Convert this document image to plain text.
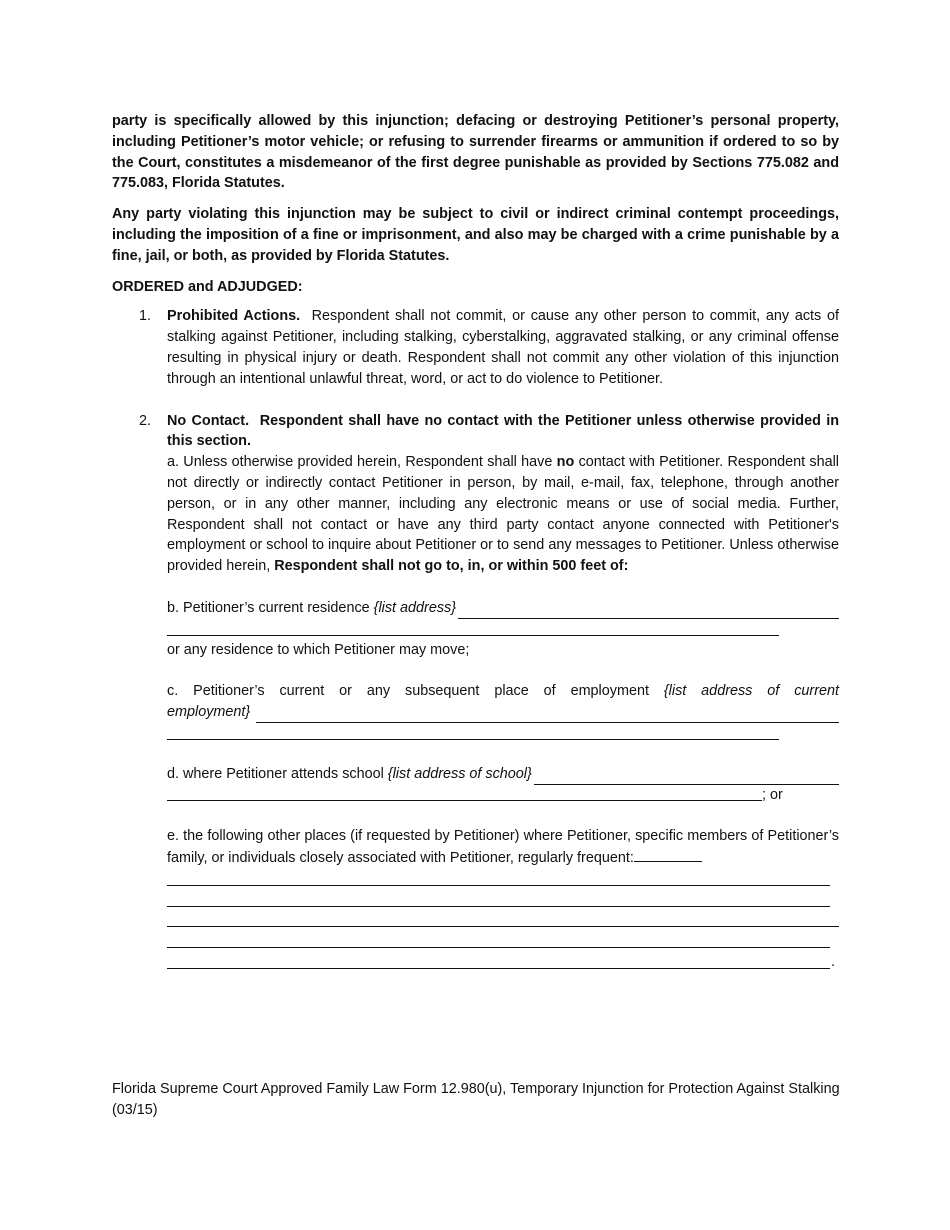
party is specifically allowed by this injunction; defacing or destroying Petitioner’s personal property, including Petitioner’s motor vehicle; or refusing to surrender firearms or ammunition if ordered to so by the Court, constitutes a misdemeanor of the first degree punishable as provided by Sections 775.082 and 775.083, Florida Statutes.

Any party violating this injunction may be subject to civil or indirect criminal contempt proceedings, including the imposition of a fine or imprisonment, and also may be charged with a crime punishable by a fine, jail, or both, as provided by Florida Statutes.

ORDERED and ADJUDGED:

1. Prohibited Actions. Respondent shall not commit, or cause any other person to commit, any acts of stalking against Petitioner, including stalking, cyberstalking, aggravated stalking, or any criminal offense resulting in physical injury or death. Respondent shall not commit any other violation of this injunction through an intentional unlawful threat, word, or act to do violence to Petitioner.
2. No Contact. Respondent shall have no contact with the Petitioner unless otherwise provided in this section.
a. Unless otherwise provided herein, Respondent shall have no contact with Petitioner. Respondent shall not directly or indirectly contact Petitioner in person, by mail, e-mail, fax, telephone, through another person, or in any other manner, including any electronic means or use of social media. Further, Respondent shall not contact or have any third party contact anyone connected with Petitioner's employment or school to inquire about Petitioner or to send any messages to Petitioner. Unless otherwise provided herein, Respondent shall not go to, in, or within 500 feet of:
b. Petitioner’s current residence
{list address}
or any residence to which Petitioner may move;
c. Petitioner’s current or any subsequent place of employment {list address of current
employment}

d. where Petitioner attends school
{list address of school}
; or
e. the following other places (if requested by Petitioner) where Petitioner, specific members of Petitioner’s family, or individuals closely associated with Petitioner, regularly frequent:
.
Florida Supreme Court Approved Family Law Form 12.980(u), Temporary Injunction for Protection Against Stalking
(03/15)
